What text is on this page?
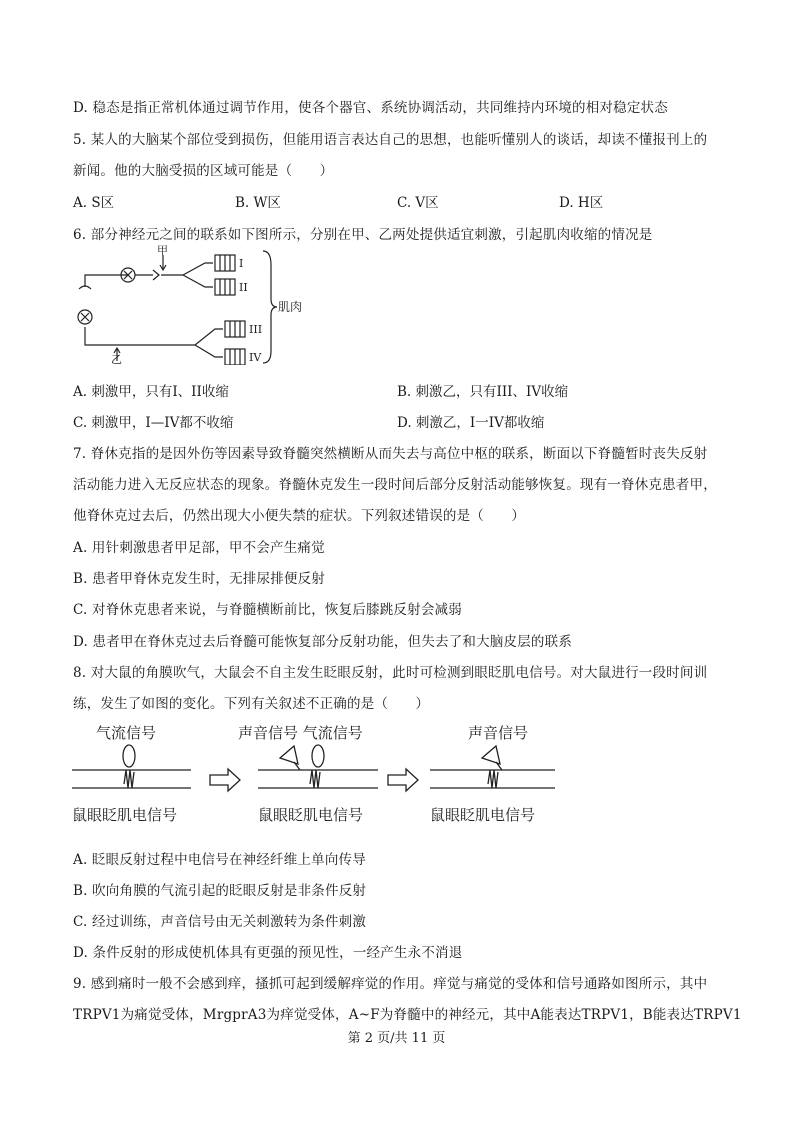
D. 稳态是指正常机体通过调节作用，使各个器官、系统协调活动，共同维持内环境的相对稳定状态
5. 某人的大脑某个部位受到损伤，但能用语言表达自己的思想，也能听懂别人的谈话，却读不懂报刊上的
新闻。他的大脑受损的区域可能是（　　）
A. S区	B. W区	C. V区	D. H区
6. 部分神经元之间的联系如下图所示，分别在甲、乙两处提供适宜刺激，引起肌肉收缩的情况是
甲
乙
I
II
III
IV
肌肉
A. 刺激甲，只有I、II收缩	B. 刺激乙，只有III、IV收缩
C. 刺激甲，I—IV都不收缩	D. 刺激乙，I一IV都收缩
7. 脊休克指的是因外伤等因素导致脊髓突然横断从而失去与高位中枢的联系，断面以下脊髓暂时丧失反射
活动能力进入无反应状态的现象。脊髓休克发生一段时间后部分反射活动能够恢复。现有一脊休克患者甲，
他脊休克过去后，仍然出现大小便失禁的症状。下列叙述错误的是（　　）
A. 用针刺激患者甲足部，甲不会产生痛觉
B. 患者甲脊休克发生时，无排尿排便反射
C. 对脊休克患者来说，与脊髓横断前比，恢复后膝跳反射会减弱
D. 患者甲在脊休克过去后脊髓可能恢复部分反射功能，但失去了和大脑皮层的联系
8. 对大鼠的角膜吹气，大鼠会不自主发生眨眼反射，此时可检测到眼眨肌电信号。对大鼠进行一段时间训
练，发生了如图的变化。下列有关叙述不正确的是（　　）
气流信号	声音信号 气流信号	声音信号
鼠眼眨肌电信号	鼠眼眨肌电信号	鼠眼眨肌电信号
A. 眨眼反射过程中电信号在神经纤维上单向传导
B. 吹向角膜的气流引起的眨眼反射是非条件反射
C. 经过训练，声音信号由无关刺激转为条件刺激
D. 条件反射的形成使机体具有更强的预见性，一经产生永不消退
9. 感到痛时一般不会感到痒，搔抓可起到缓解痒觉的作用。痒觉与痛觉的受体和信号通路如图所示，其中
TRPV1为痛觉受体，MrgprA3为痒觉受体，A~F为脊髓中的神经元，其中A能表达TRPV1，B能表达TRPV1
第 2 页/共 11 页
